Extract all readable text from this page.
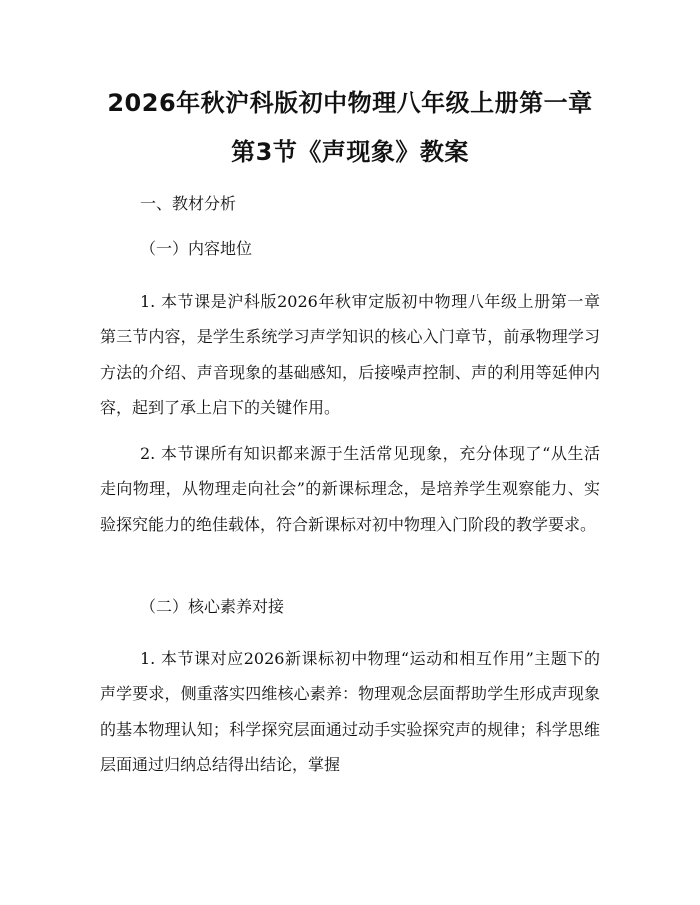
2026年秋沪科版初中物理八年级上册第一章
第3节《声现象》教案
一、教材分析
（一）内容地位
1. 本节课是沪科版2026年秋审定版初中物理八年级上册第一章第三节内容，是学生系统学习声学知识的核心入门章节，前承物理学习方法的介绍、声音现象的基础感知，后接噪声控制、声的利用等延伸内容，起到了承上启下的关键作用。
2. 本节课所有知识都来源于生活常见现象，充分体现了“从生活走向物理，从物理走向社会”的新课标理念，是培养学生观察能力、实验探究能力的绝佳载体，符合新课标对初中物理入门阶段的教学要求。
（二）核心素养对接
1. 本节课对应2026新课标初中物理“运动和相互作用”主题下的声学要求，侧重落实四维核心素养：物理观念层面帮助学生形成声现象的基本物理认知；科学探究层面通过动手实验探究声的规律；科学思维层面通过归纳总结得出结论，掌握
